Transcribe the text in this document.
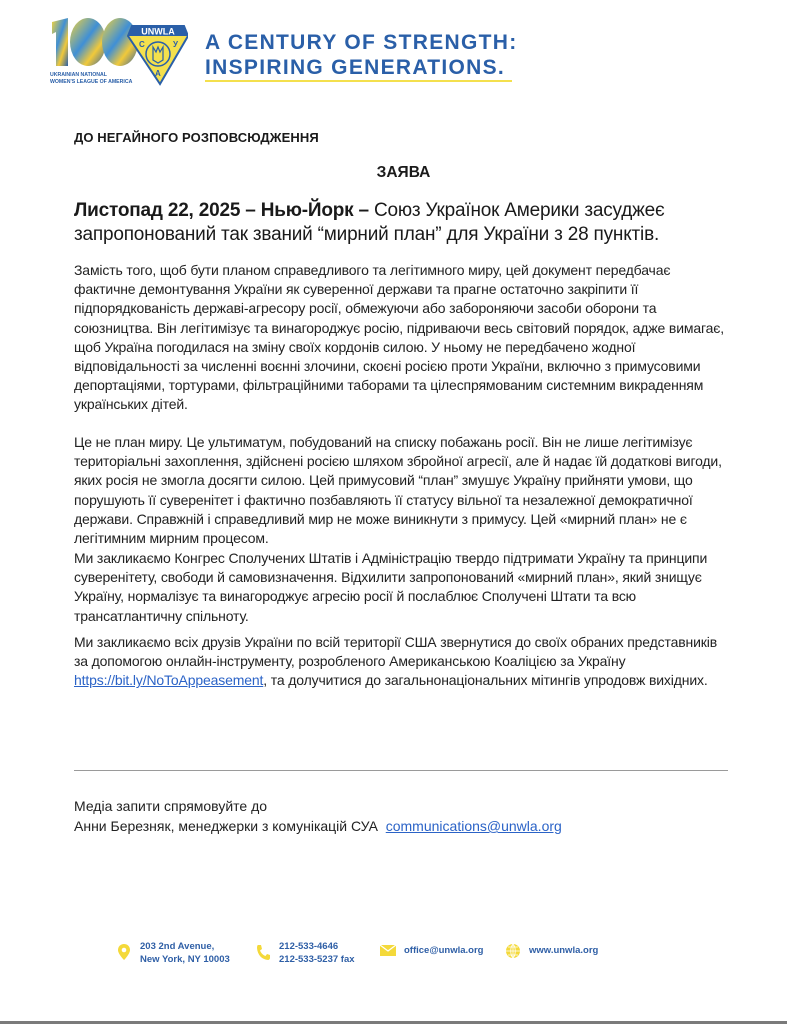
UNWLA
С	У
А
UKRAINIAN NATIONAL
WOMEN'S LEAGUE OF AMERICA
A CENTURY OF STRENGTH:
INSPIRING GENERATIONS.
ДО НЕГАЙНОГО РОЗПОВСЮДЖЕННЯ
ЗАЯВА
Листопад 22, 2025 – Нью-Йорк – Союз Українок Америки засуджеє запропонований так званий “мирний план” для України з 28 пунктів.
Замість того, щоб бути планом справедливого та легітимного миру, цей документ передбачає фактичне демонтування України як суверенної держави та прагне остаточно закріпити її підпорядкованість державі-агресору росії, обмежуючи або забороняючи засоби оборони та союзництва. Він легітимізує та винагороджує росію, підриваючи весь світовий порядок, адже вимагає, щоб Україна погодилася на зміну своїх кордонів силою. У ньому не передбачено жодної відповідальності за численні воєнні злочини, скоєні росією проти України, включно з примусовими депортаціями, тортурами, фільтраційними таборами та цілеспрямованим системним викраденням українських дітей.
Це не план миру. Це ультиматум, побудований на списку побажань росії. Він не лише легітимізує територіальні захоплення, здійснені росією шляхом збройної агресії, але й надає їй додаткові вигоди, яких росія не змогла досягти силою. Цей примусовий “план” змушує Україну прийняти умови, що порушують її суверенітет і фактично позбавляють її статусу вільної та незалежної демократичної держави. Справжній і справедливий мир не може виникнути з примусу. Цей «мирний план» не є легітимним мирним процесом.
Ми закликаємо Конгрес Сполучених Штатів і Адміністрацію твердо підтримати Україну та принципи суверенітету, свободи й самовизначення. Відхилити запропонований «мирний план», який знищує Україну, нормалізує та винагороджує агресію росії й послаблює Сполучені Штати та всю трансатлантичну спільноту.
Ми закликаємо всіх друзів України по всій території США звернутися до своїх обраних представників за допомогою онлайн-інструменту, розробленого Американською Коаліцією за Україну https://bit.ly/NoToAppeasement, та долучитися до загальнонаціональних мітингів упродовж вихідних.
Медіа запити спрямовуйте до
Анни Березняк, менеджерки з комунікацій СУА communications@unwla.org
203 2nd Avenue,
New York, NY 10003
212-533-4646
212-533-5237 fax
office@unwla.org	www.unwla.org
